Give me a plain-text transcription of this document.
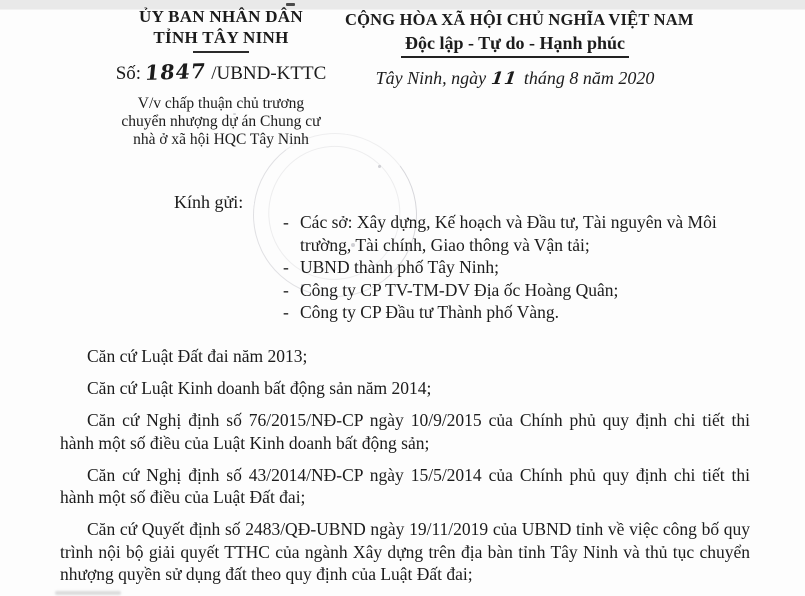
ỦY BAN NHÂN DÂN
TỈNH TÂY NINH
Số: 1847 /UBND-KTTC
V/v chấp thuận chủ trương
chuyển nhượng dự án Chung cư
nhà ở xã hội HQC Tây Ninh
CỘNG HÒA XÃ HỘI CHỦ NGHĨA VIỆT NAM
Độc lập - Tự do - Hạnh phúc
Tây Ninh, ngày 11 tháng 8 năm 2020
Kính gửi:
- Các sở: Xây dựng, Kế hoạch và Đầu tư, Tài nguyên và Môi trường, Tài chính, Giao thông và Vận tải;
- UBND thành phố Tây Ninh;
- Công ty CP TV-TM-DV Địa ốc Hoàng Quân;
- Công ty CP Đầu tư Thành phố Vàng.

Căn cứ Luật Đất đai năm 2013;

Căn cứ Luật Kinh doanh bất động sản năm 2014;

Căn cứ Nghị định số 76/2015/NĐ-CP ngày 10/9/2015 của Chính phủ quy định chi tiết thi hành một số điều của Luật Kinh doanh bất động sản;

Căn cứ Nghị định số 43/2014/NĐ-CP ngày 15/5/2014 của Chính phủ quy định chi tiết thi hành một số điều của Luật Đất đai;

Căn cứ Quyết định số 2483/QĐ-UBND ngày 19/11/2019 của UBND tỉnh về việc công bố quy trình nội bộ giải quyết TTHC của ngành Xây dựng trên địa bàn tỉnh Tây Ninh và thủ tục chuyển nhượng quyền sử dụng đất theo quy định của Luật Đất đai;
